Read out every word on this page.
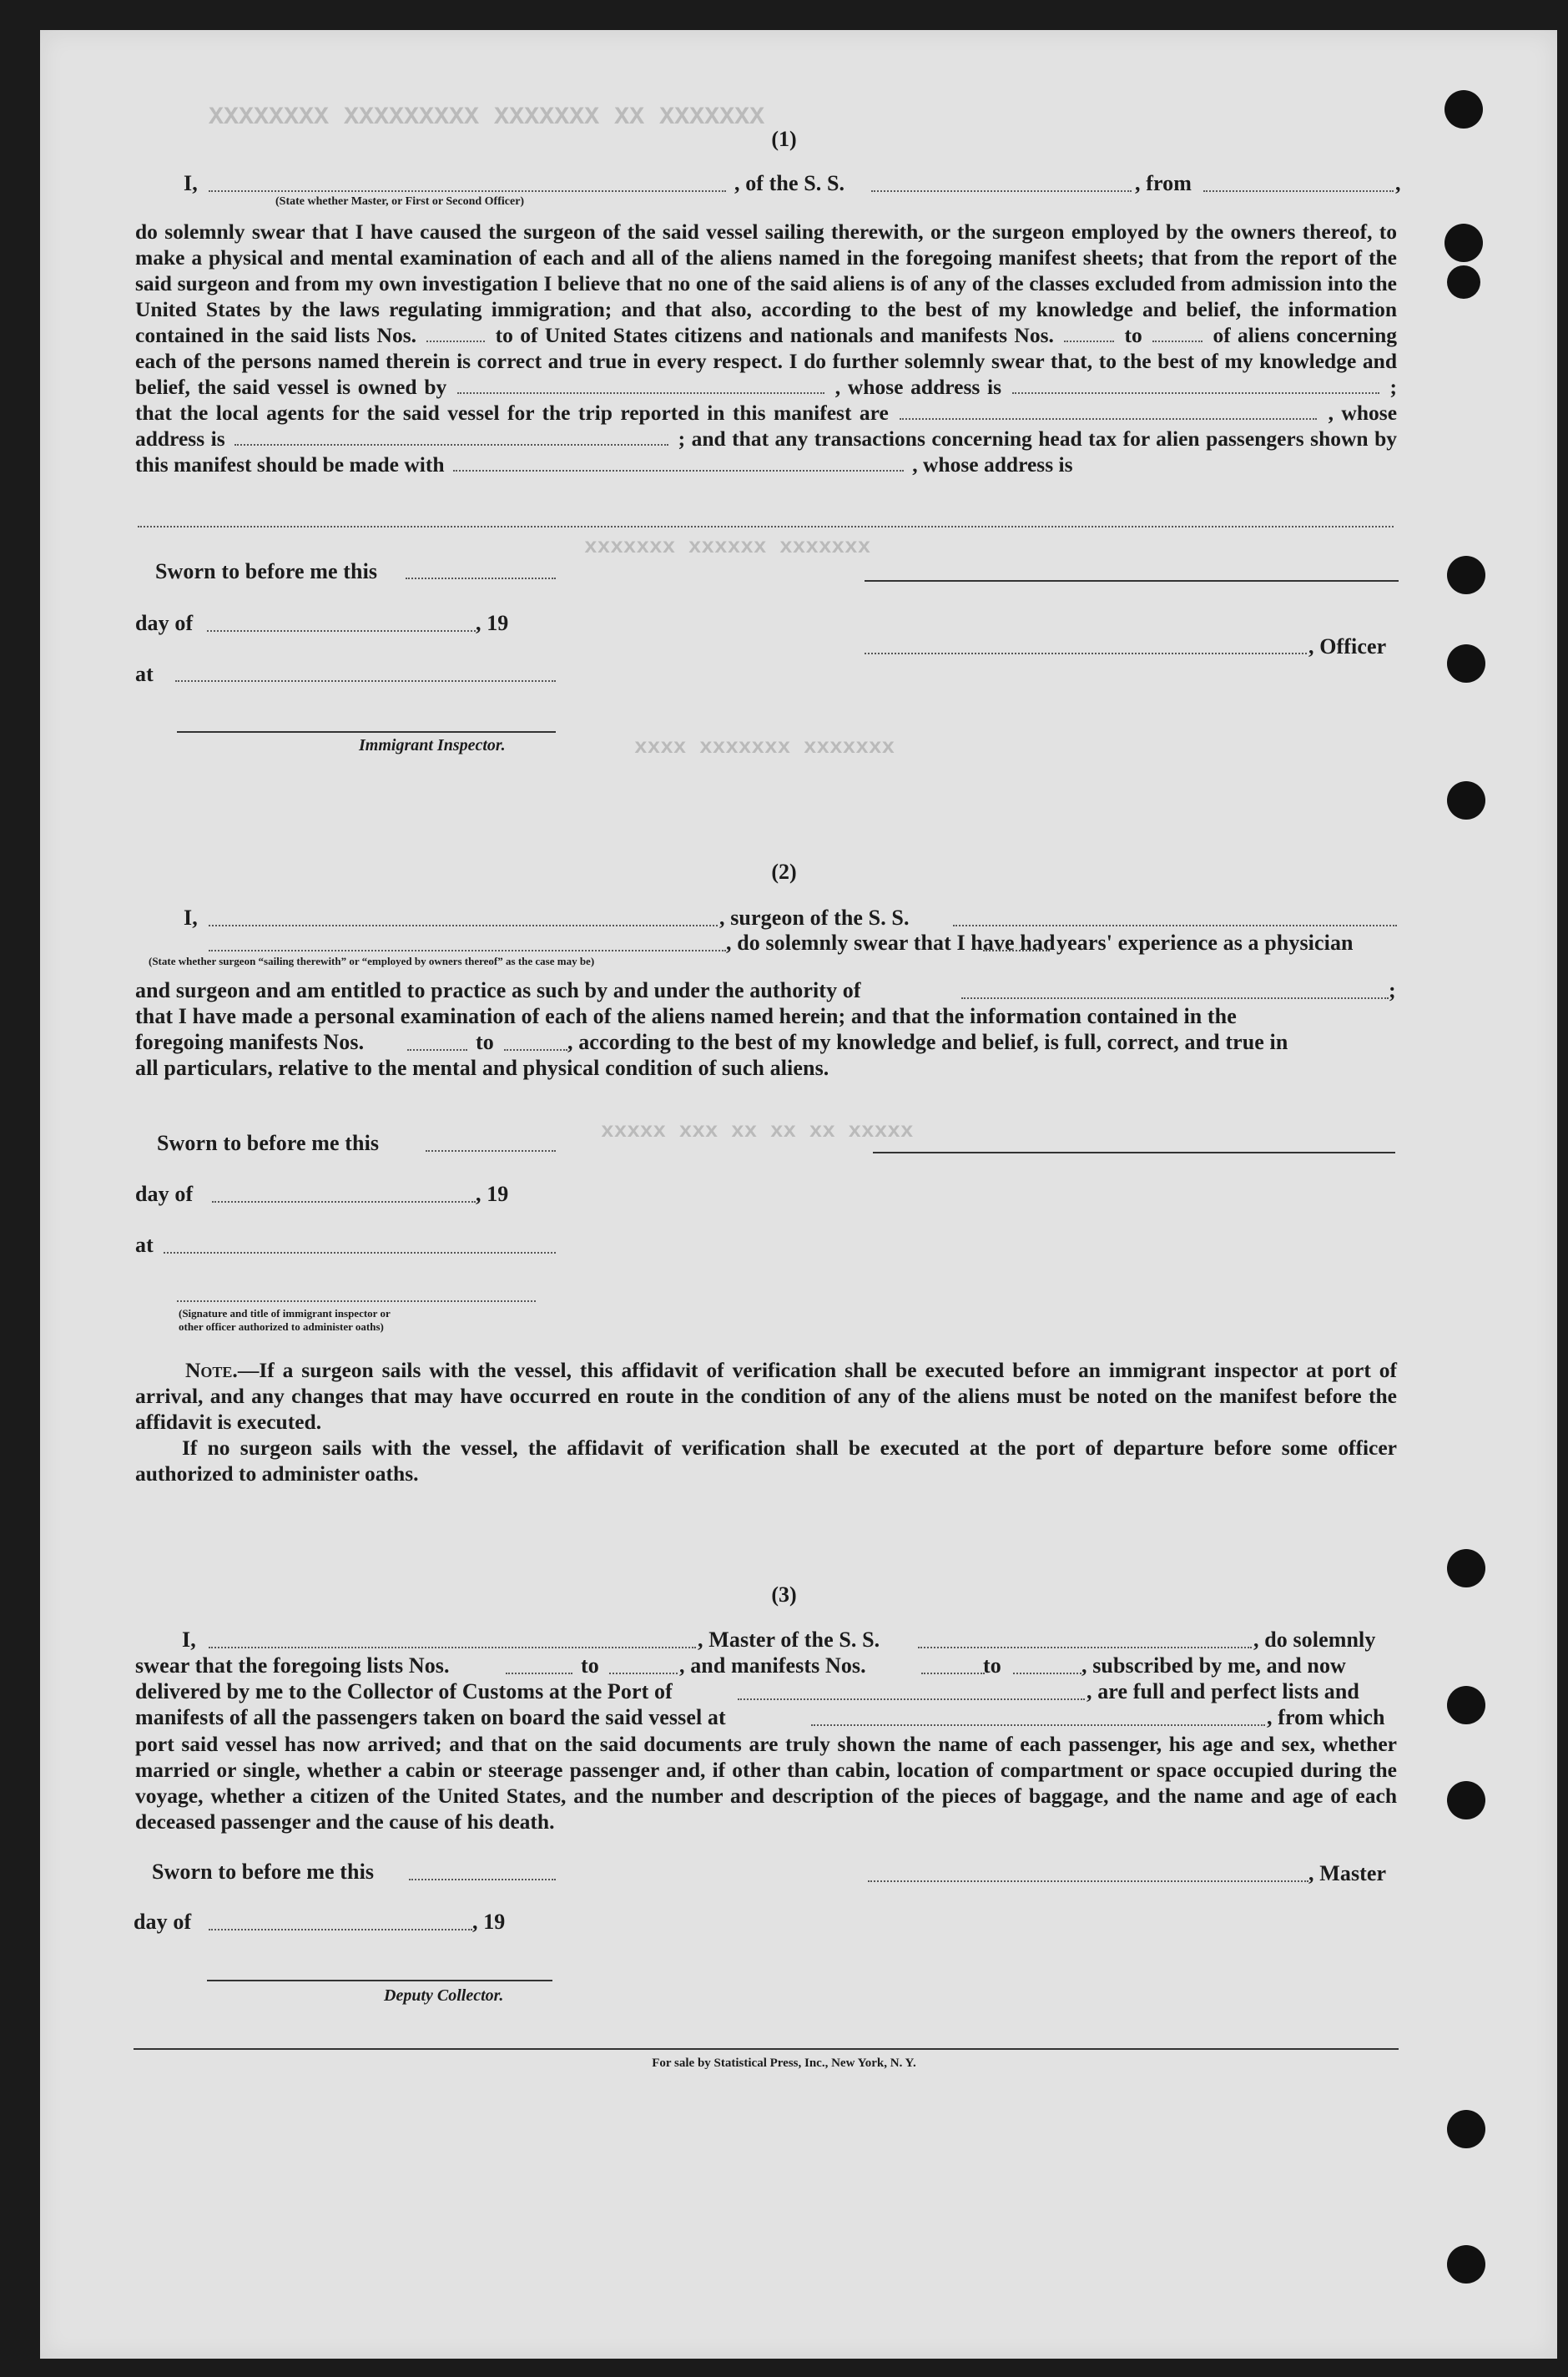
XXXXXXX XX XXXXXXX XXXXXXXXX XXXXXXXX
xxxxxxx xxxxxx xxxxxxx
xxxxxxx xxxxxxx xxxx
xxxxx xx xx xx xxx xxxxx
(1)
I,
(State whether Master, or First or Second Officer)
, of the S. S.	, from	,
do solemnly swear that I have caused the surgeon of the said vessel sailing therewith, or the surgeon employed by the owners thereof, to make a physical and mental examination of each and all of the aliens named in the foregoing manifest sheets; that from the report of the said surgeon and from my own investigation I believe that no one of the said aliens is of any of the classes excluded from admission into the United States by the laws regulating immigration; and that also, according to the best of my knowledge and belief, the information contained in the said lists Nos.	to of United States citizens and nationals and manifests Nos.	to	of aliens concerning each of the persons named therein is correct and true in every respect. I do further solemnly swear that, to the best of my knowledge and belief, the said vessel is owned by	, whose address is	; that the local agents for the said vessel for the trip reported in this manifest are	, whose address is	; and that any transactions concerning head tax for alien passengers shown by this manifest should be made with	, whose address is
Sworn to before me this
day of	, 19
, Officer
at
Immigrant Inspector.
(2)
I,	, surgeon of the S. S.
, do solemnly swear that I have had years' experience as a physician
(State whether surgeon “sailing therewith” or “employed by owners thereof” as the case may be)
and surgeon and am entitled to practice as such by and under the authority of	;
that I have made a personal examination of each of the aliens named herein; and that the information contained in the
foregoing manifests Nos.	to	, according to the best of my knowledge and belief, is full, correct, and true in
all particulars, relative to the mental and physical condition of such aliens.
Sworn to before me this
day of	, 19
at
(Signature and title of immigrant inspector or
other officer authorized to administer oaths)
Note.—If a surgeon sails with the vessel, this affidavit of verification shall be executed before an immigrant inspector at port of arrival, and any changes that may have occurred en route in the condition of any of the aliens must be noted on the manifest before the affidavit is executed.
If no surgeon sails with the vessel, the affidavit of verification shall be executed at the port of departure before some officer authorized to administer oaths.
(3)
I,	, Master of the S. S.	, do solemnly
swear that the foregoing lists Nos.	to	, and manifests Nos.	to	, subscribed by me, and now
delivered by me to the Collector of Customs at the Port of	, are full and perfect lists and
manifests of all the passengers taken on board the said vessel at	, from which
port said vessel has now arrived; and that on the said documents are truly shown the name of each passenger, his age and sex, whether married or single, whether a cabin or steerage passenger and, if other than cabin, location of compartment or space occupied during the voyage, whether a citizen of the United States, and the number and description of the pieces of baggage, and the name and age of each deceased passenger and the cause of his death.
Sworn to before me this	, Master
day of	, 19
Deputy Collector.
For sale by Statistical Press, Inc., New York, N. Y.
